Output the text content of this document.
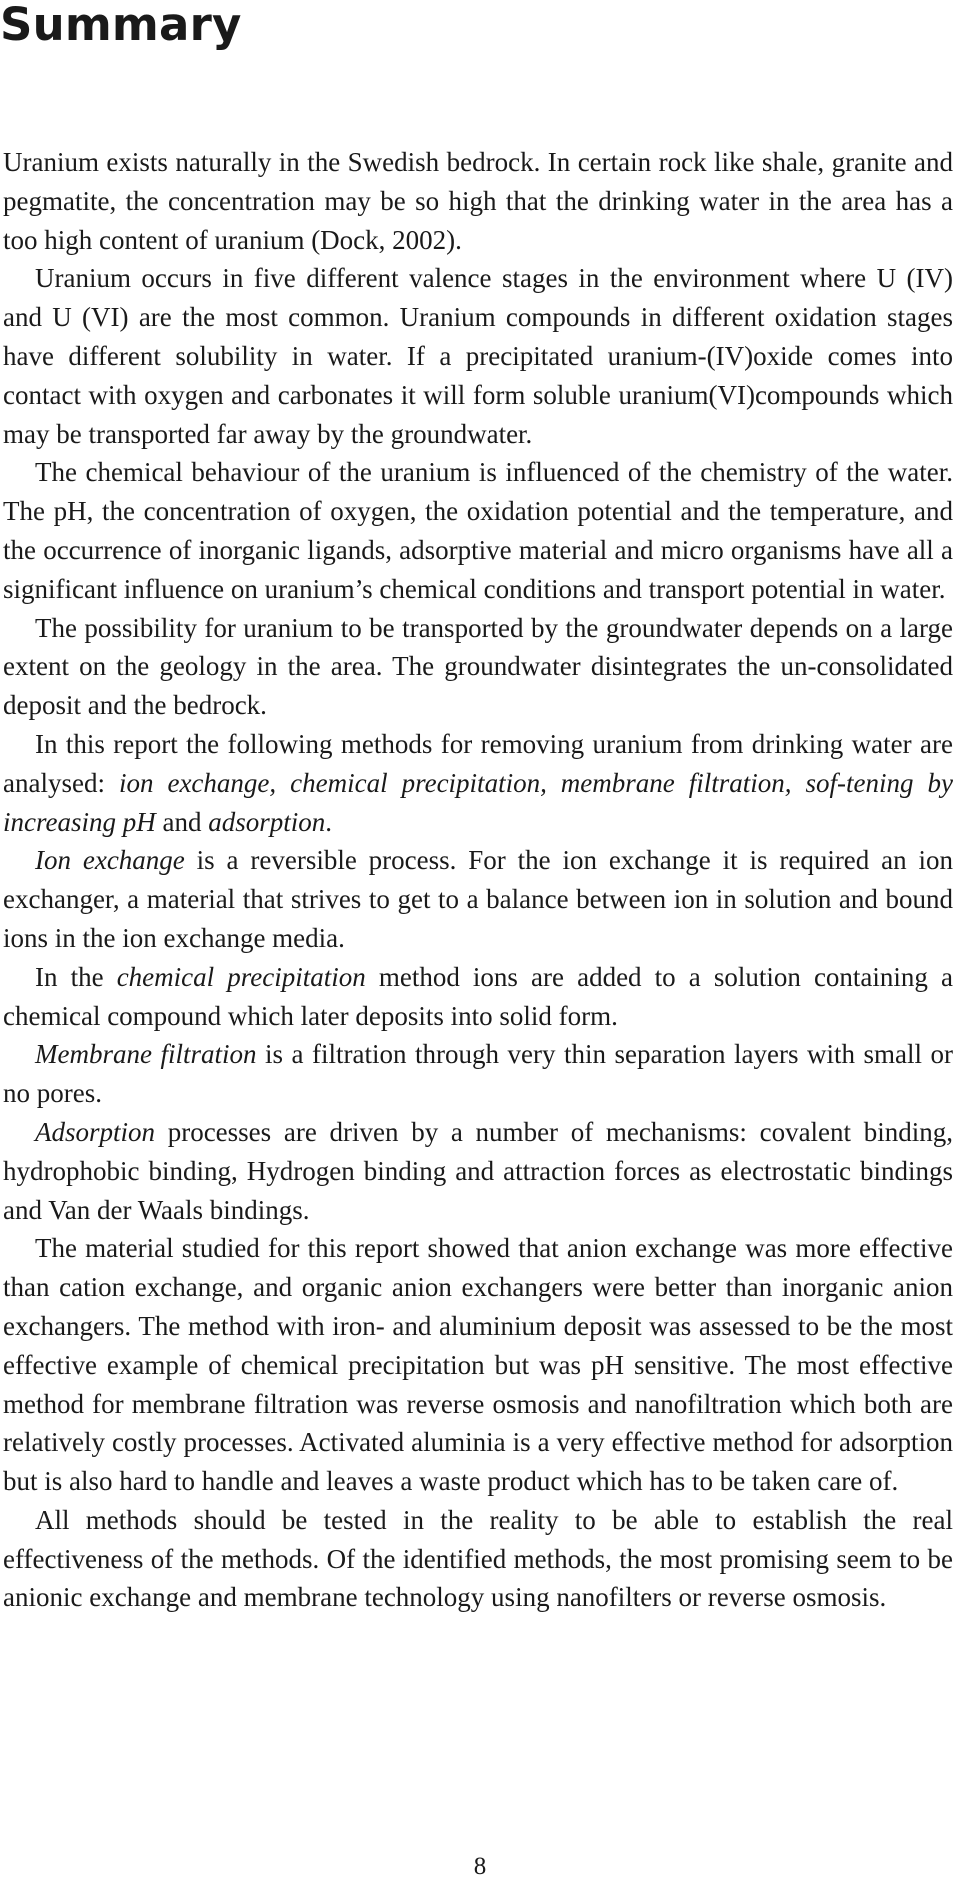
Summary

Uranium exists naturally in the Swedish bedrock. In certain rock like shale, granite and pegmatite, the concentration may be so high that the drinking water in the area has a too high content of uranium (Dock, 2002).

Uranium occurs in five different valence stages in the environment where U (IV) and U (VI) are the most common. Uranium compounds in different oxidation stages have different solubility in water. If a precipitated uranium-(IV)oxide comes into contact with oxygen and carbonates it will form soluble uranium(VI)compounds which may be transported far away by the groundwater.

The chemical behaviour of the uranium is influenced of the chemistry of the water. The pH, the concentration of oxygen, the oxidation potential and the temperature, and the occurrence of inorganic ligands, adsorptive material and micro organisms have all a significant influence on uranium’s chemical conditions and transport potential in water.

The possibility for uranium to be transported by the groundwater depends on a large extent on the geology in the area. The groundwater disintegrates the un-consolidated deposit and the bedrock.

In this report the following methods for removing uranium from drinking water are analysed: ion exchange, chemical precipitation, membrane filtration, sof-tening by increasing pH and adsorption.

Ion exchange is a reversible process. For the ion exchange it is required an ion exchanger, a material that strives to get to a balance between ion in solution and bound ions in the ion exchange media.

In the chemical precipitation method ions are added to a solution containing a chemical compound which later deposits into solid form.

Membrane filtration is a filtration through very thin separation layers with small or no pores.

Adsorption processes are driven by a number of mechanisms: covalent binding, hydrophobic binding, Hydrogen binding and attraction forces as electrostatic bindings and Van der Waals bindings.

The material studied for this report showed that anion exchange was more effective than cation exchange, and organic anion exchangers were better than inorganic anion exchangers. The method with iron- and aluminium deposit was assessed to be the most effective example of chemical precipitation but was pH sensitive. The most effective method for membrane filtration was reverse osmosis and nanofiltration which both are relatively costly processes. Activated aluminia is a very effective method for adsorption but is also hard to handle and leaves a waste product which has to be taken care of.

All methods should be tested in the reality to be able to establish the real effectiveness of the methods. Of the identified methods, the most promising seem to be anionic exchange and membrane technology using nanofilters or reverse osmosis.

8
